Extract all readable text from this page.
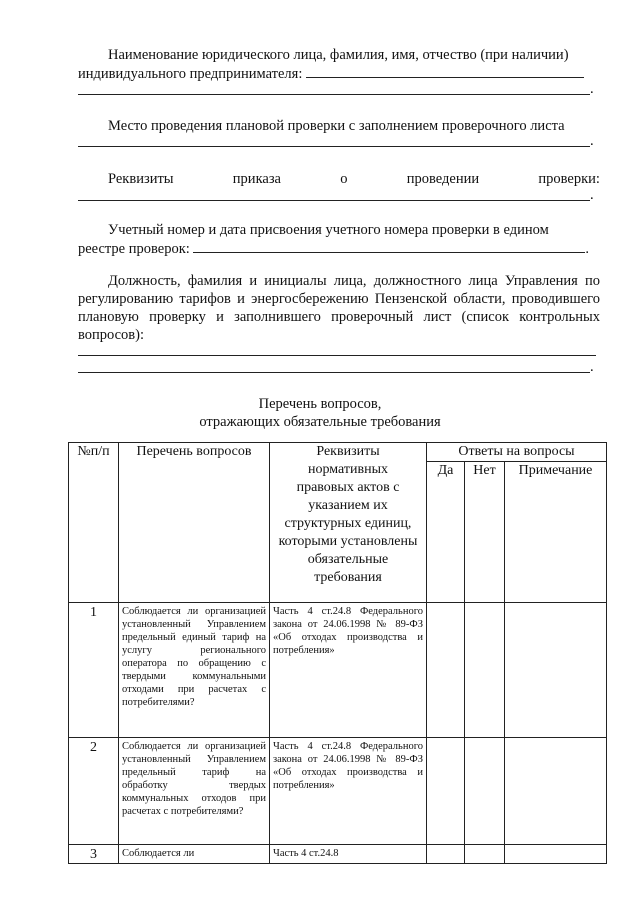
Наименование юридического лица, фамилия, имя, отчество (при наличии)
индивидуального предпринимателя:
.
Место проведения плановой проверки с заполнением проверочного листа
.
Реквизиты	приказа	о	проведении	проверки:
.
Учетный номер и дата присвоения учетного номера проверки в едином
реестре проверок:	.
Должность, фамилия и инициалы лица, должностного лица Управления по регулированию тарифов и энергосбережению Пензенской области, проводившего плановую проверку и заполнившего проверочный лист (список контрольных вопросов):
.
Перечень вопросов,
отражающих обязательные требования
№п/п	Перечень вопросов	Реквизиты нормативных правовых актов с указанием их структурных единиц, которыми установлены обязательные требования	Ответы на вопросы		
			Да	Нет	Примечание
1	Соблюдается ли организацией установленный Управлением предельный единый тариф на услугу регионального оператора по обращению с твердыми коммунальными отходами при расчетах с потребителями?	Часть 4 ст.24.8 Федерального закона от 24.06.1998 № 89-ФЗ «Об отходах производства и потребления»			
2	Соблюдается ли организацией установленный Управлением предельный тариф на обработку твердых коммунальных отходов при расчетах с потребителями?	Часть 4 ст.24.8 Федерального закона от 24.06.1998 № 89-ФЗ «Об отходах производства и потребления»			
3	Соблюдается ли	Часть 4 ст.24.8			
